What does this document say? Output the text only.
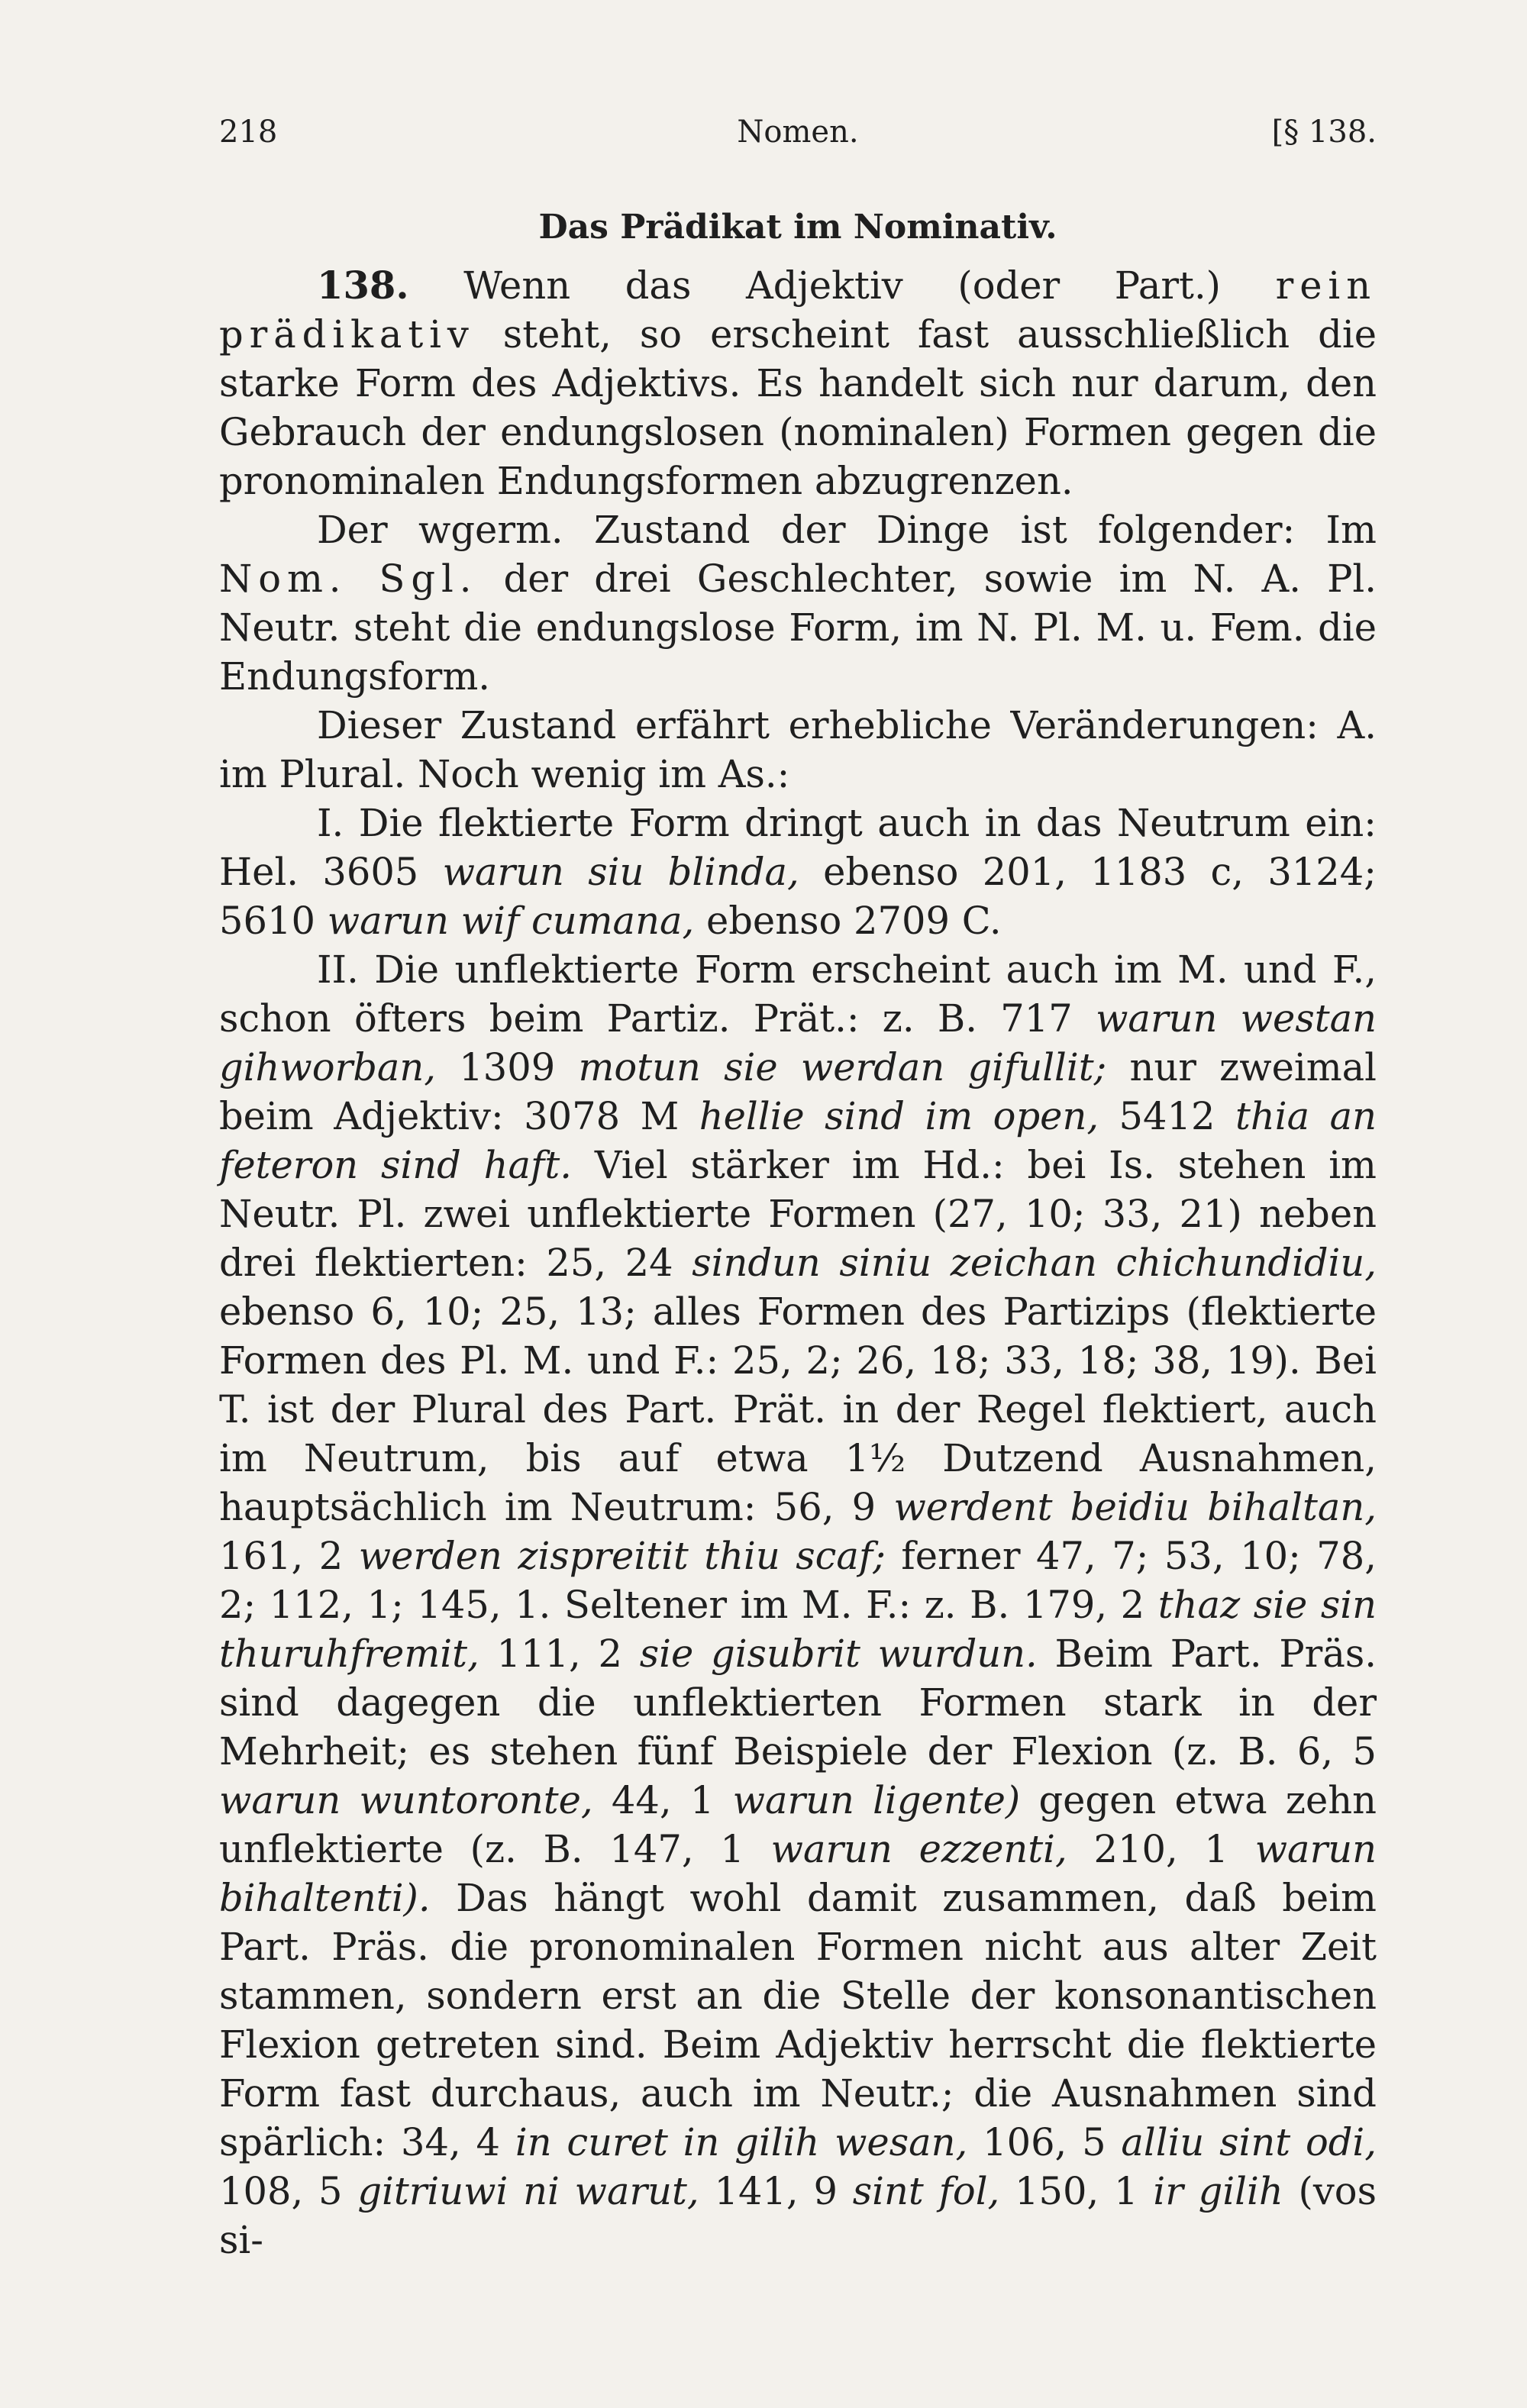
218	Nomen.	[§ 138.
Das Prädikat im Nominativ.

138. Wenn das Adjektiv (oder Part.) rein prädikativ steht, so erscheint fast ausschließlich die starke Form des Adjektivs. Es handelt sich nur darum, den Gebrauch der endungslosen (nominalen) Formen gegen die pronominalen Endungsformen abzugrenzen.

Der wgerm. Zustand der Dinge ist folgender: Im Nom. Sgl. der drei Geschlechter, sowie im N. A. Pl. Neutr. steht die endungslose Form, im N. Pl. M. u. Fem. die Endungsform.

Dieser Zustand erfährt erhebliche Veränderungen: A. im Plural. Noch wenig im As.:

I. Die flektierte Form dringt auch in das Neutrum ein: Hel. 3605 warun siu blinda, ebenso 201, 1183 c, 3124; 5610 warun wif cumana, ebenso 2709 C.

II. Die unflektierte Form erscheint auch im M. und F., schon öfters beim Partiz. Prät.: z. B. 717 warun westan gihworban, 1309 motun sie werdan gifullit; nur zweimal beim Adjektiv: 3078 M hellie sind im open, 5412 thia an feteron sind haft. Viel stärker im Hd.: bei Is. stehen im Neutr. Pl. zwei unflektierte Formen (27, 10; 33, 21) neben drei flektierten: 25, 24 sindun siniu zeichan chichundidiu, ebenso 6, 10; 25, 13; alles Formen des Partizips (flektierte Formen des Pl. M. und F.: 25, 2; 26, 18; 33, 18; 38, 19). Bei T. ist der Plural des Part. Prät. in der Regel flektiert, auch im Neutrum, bis auf etwa 1½ Dutzend Ausnahmen, hauptsächlich im Neutrum: 56, 9 werdent beidiu bihaltan, 161, 2 werden zispreitit thiu scaf; ferner 47, 7; 53, 10; 78, 2; 112, 1; 145, 1. Seltener im M. F.: z. B. 179, 2 thaz sie sin thuruhfremit, 111, 2 sie gisubrit wurdun. Beim Part. Präs. sind dagegen die unflektierten Formen stark in der Mehrheit; es stehen fünf Beispiele der Flexion (z. B. 6, 5 warun wuntoronte, 44, 1 warun ligente) gegen etwa zehn unflektierte (z. B. 147, 1 warun ezzenti, 210, 1 warun bihaltenti). Das hängt wohl damit zusammen, daß beim Part. Präs. die pronominalen Formen nicht aus alter Zeit stammen, sondern erst an die Stelle der konsonantischen Flexion getreten sind. Beim Adjektiv herrscht die flektierte Form fast durchaus, auch im Neutr.; die Ausnahmen sind spärlich: 34, 4 in curet in gilih wesan, 106, 5 alliu sint odi, 108, 5 gitriuwi ni warut, 141, 9 sint fol, 150, 1 ir gilih (vos si-
